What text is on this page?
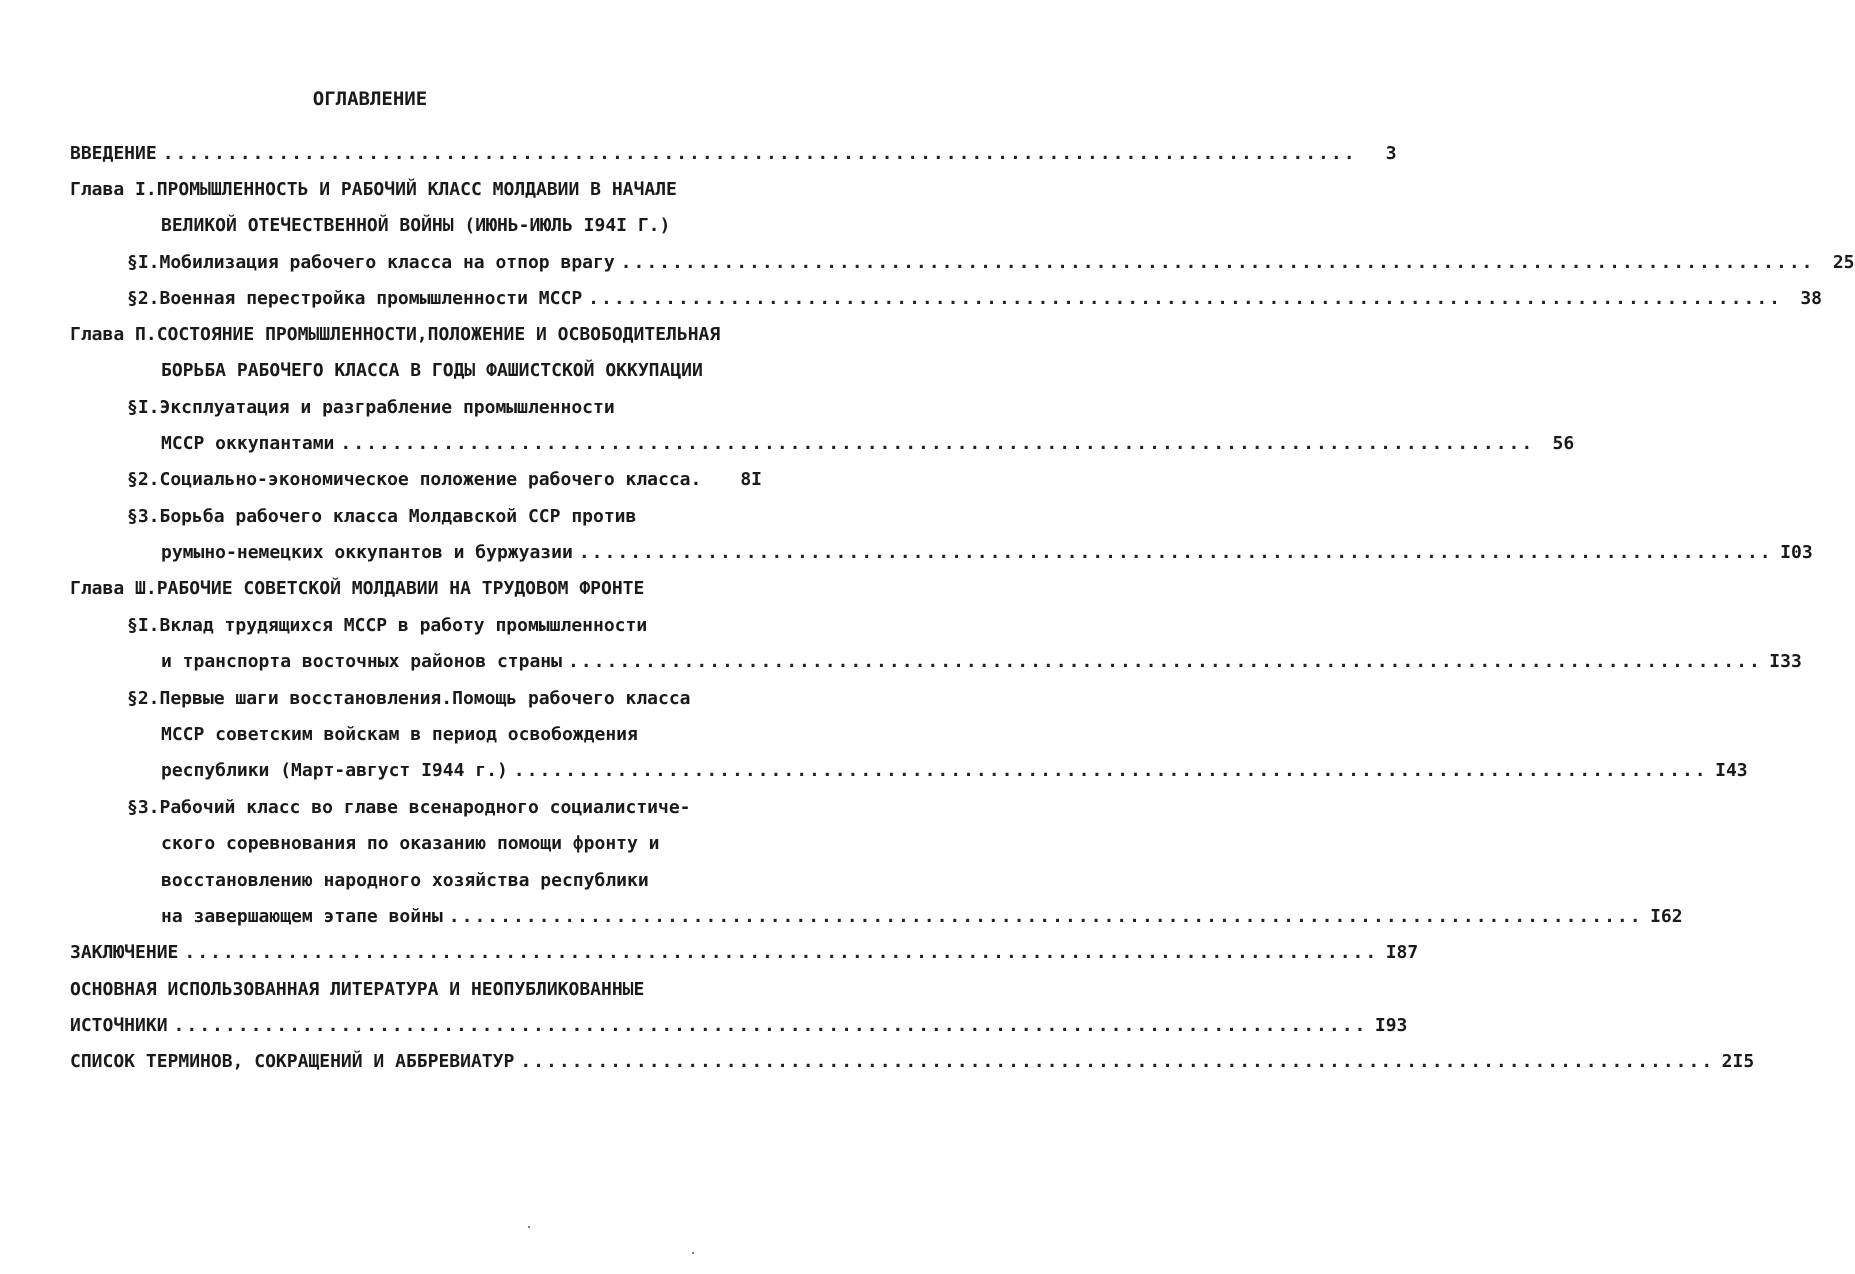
ОГЛАВЛЕНИЕ
ВВЕДЕНИЕ .............................................................................................	3
Глава I.ПРОМЫШЛЕННОСТЬ И РАБОЧИЙ КЛАСС МОЛДАВИИ В НАЧАЛЕ
ВЕЛИКОЙ ОТЕЧЕСТВЕННОЙ ВОЙНЫ (ИЮНЬ-ИЮЛЬ I94I Г.)
§I.Мобилизация рабочего класса на отпор врагу .............................................................................................	25
§2.Военная перестройка промышленности МССР .............................................................................................	38
Глава П.СОСТОЯНИЕ ПРОМЫШЛЕННОСТИ,ПОЛОЖЕНИЕ И ОСВОБОДИТЕЛЬНАЯ
БОРЬБА РАБОЧЕГО КЛАССА В ГОДЫ ФАШИСТСКОЙ ОККУПАЦИИ
§I.Эксплуатация и разграбление промышленности
МССР оккупантами .............................................................................................	56
§2.Социально-экономическое положение рабочего класса.	8I
§3.Борьба рабочего класса Молдавской ССР против
румыно-немецких оккупантов и буржуазии ............................................................................................. I03
Глава Ш.РАБОЧИЕ СОВЕТСКОЙ МОЛДАВИИ НА ТРУДОВОМ ФРОНТЕ
§I.Вклад трудящихся МССР в работу промышленности
и транспорта восточных районов страны ............................................................................................. I33
§2.Первые шаги восстановления.Помощь рабочего класса
МССР советским войскам в период освобождения
республики (Март-август I944 г.) ............................................................................................. I43
§3.Рабочий класс во главе всенародного социалистиче-
ского соревнования по оказанию помощи фронту и
восстановлению народного хозяйства республики
на завершающем этапе войны ............................................................................................. I62
ЗАКЛЮЧЕНИЕ ............................................................................................. I87
ОСНОВНАЯ ИСПОЛЬЗОВАННАЯ ЛИТЕРАТУРА И НЕОПУБЛИКОВАННЫЕ
ИСТОЧНИКИ ............................................................................................. I93
СПИСОК ТЕРМИНОВ, СОКРАЩЕНИЙ И АББРЕВИАТУР ............................................................................................. 2I5
